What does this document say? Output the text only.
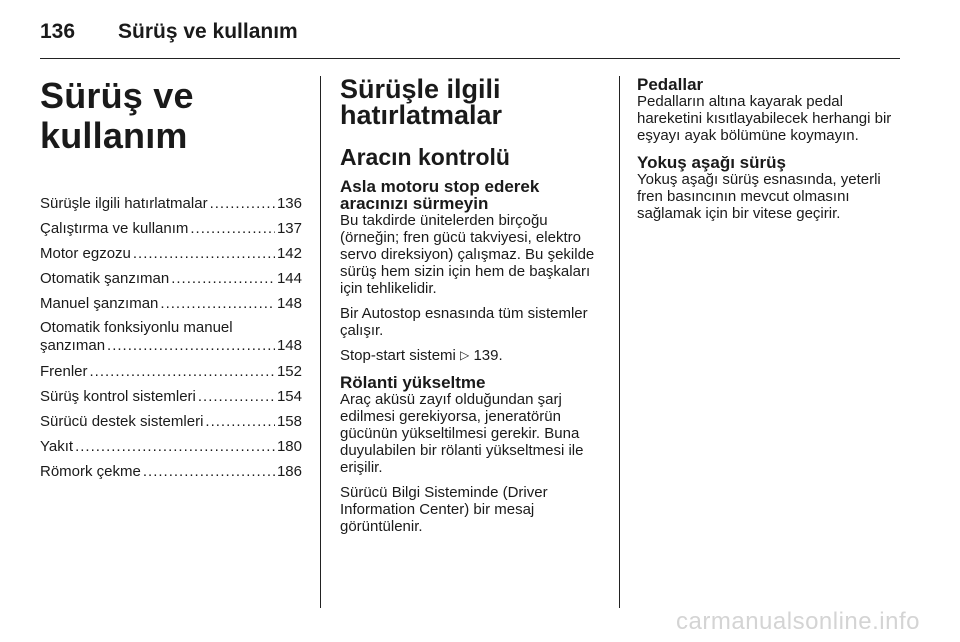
136 Sürüş ve kullanım
Sürüş ve kullanım
Sürüşle ilgili hatırlatmalar .....	136
Çalıştırma ve kullanım .....	137
Motor egzozu .....	142
Otomatik şanzıman .....	144
Manuel şanzıman .....	148
Otomatik fonksiyonlu manuel
şanzıman .....	148
Frenler .....	152
Sürüş kontrol sistemleri .....	154
Sürücü destek sistemleri .....	158
Yakıt .....	180
Römork çekme .....	186
Sürüşle ilgili
hatırlatmalar
Aracın kontrolü
Asla motoru stop ederek
aracınızı sürmeyin

Bu takdirde ünitelerden birçoğu (örneğin; fren gücü takviyesi, elektro servo direksiyon) çalışmaz. Bu şekilde sürüş hem sizin için hem de başkaları için tehlikelidir.

Bir Autostop esnasında tüm sistemler çalışır.

Stop-start sistemi ▷ 139.

Rölanti yükseltme

Araç aküsü zayıf olduğundan şarj edilmesi gerekiyorsa, jeneratörün gücünün yükseltilmesi gerekir. Buna duyulabilen bir rölanti yükseltmesi ile erişilir.

Sürücü Bilgi Sisteminde (Driver Information Center) bir mesaj görüntülenir.

Pedallar

Pedalların altına kayarak pedal hareketini kısıtlayabilecek herhangi bir eşyayı ayak bölümüne koymayın.

Yokuş aşağı sürüş

Yokuş aşağı sürüş esnasında, yeterli fren basıncının mevcut olmasını sağlamak için bir vitese geçirir.

carmanualsonline.info
